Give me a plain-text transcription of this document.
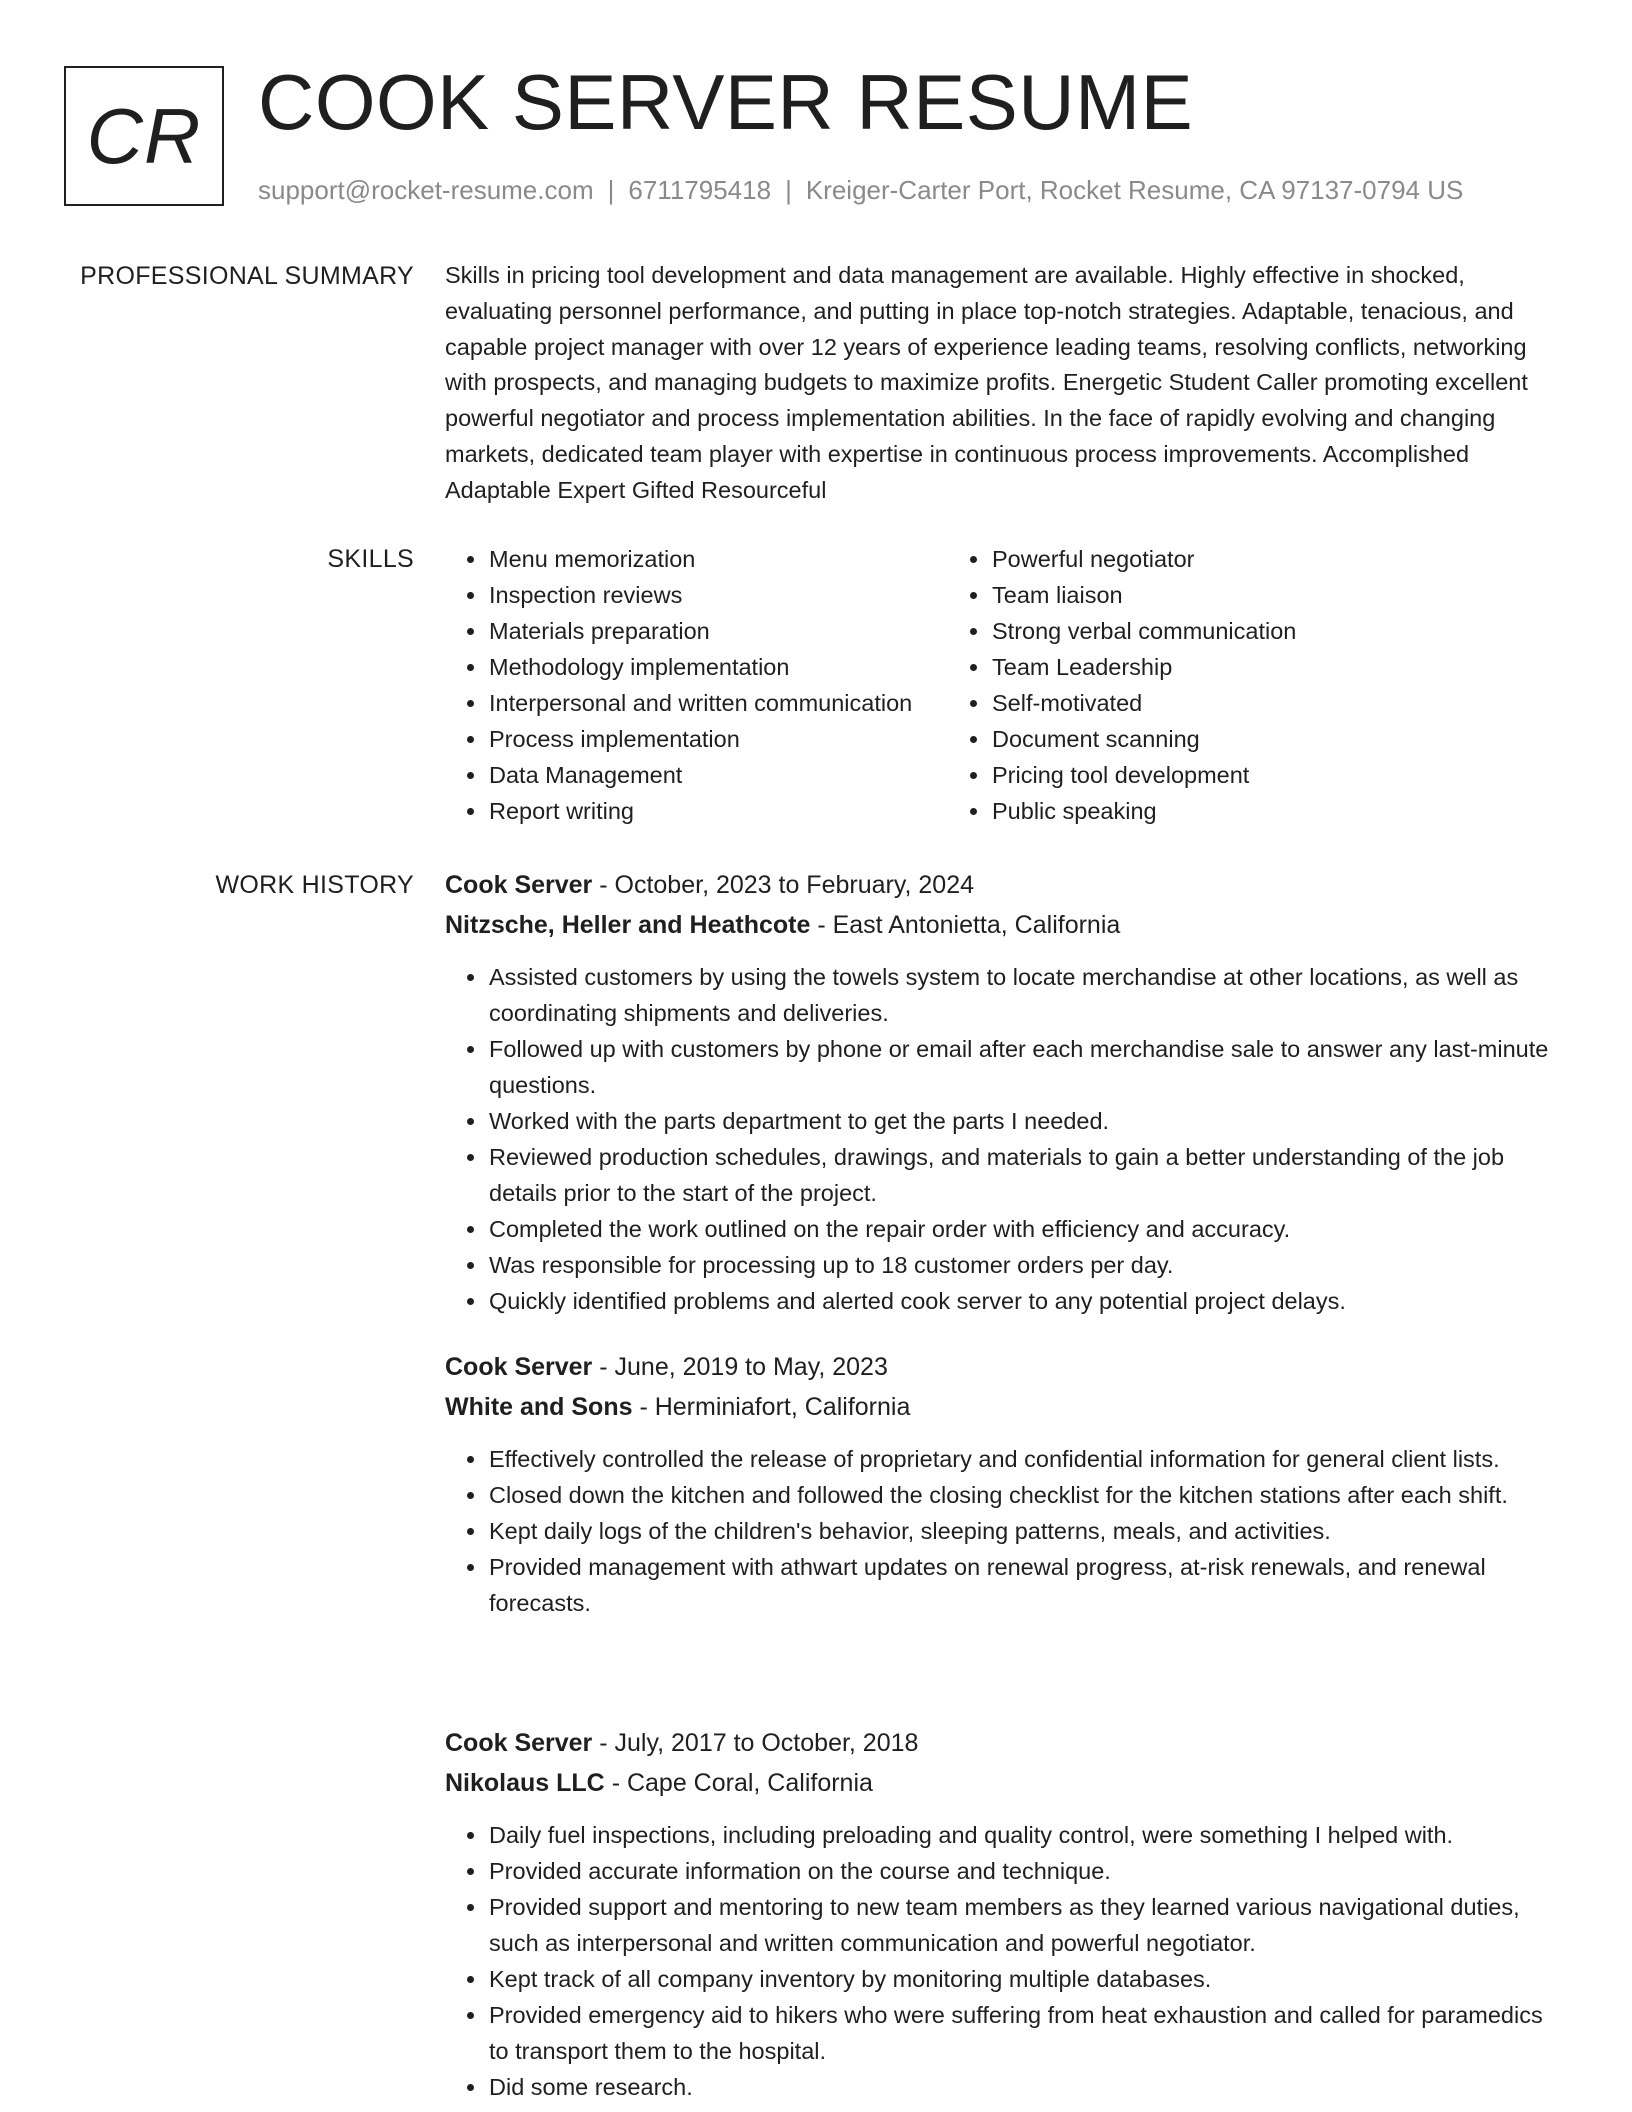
CR COOK SERVER RESUME
support@rocket-resume.com | 6711795418 | Kreiger-Carter Port, Rocket Resume, CA 97137-0794 US
PROFESSIONAL SUMMARY Skills in pricing tool development and data management are available. Highly effective in shocked, evaluating personnel performance, and putting in place top-notch strategies. Adaptable, tenacious, and capable project manager with over 12 years of experience leading teams, resolving conflicts, networking with prospects, and managing budgets to maximize profits. Energetic Student Caller promoting excellent powerful negotiator and process implementation abilities. In the face of rapidly evolving and changing markets, dedicated team player with expertise in continuous process improvements. Accomplished Adaptable Expert Gifted Resourceful

SKILLS
•	Menu memorization
• Inspection reviews
• Materials preparation
• Methodology implementation
• Interpersonal and written communication
• Process implementation
• Data Management
• Report writing
• Powerful negotiator
• Team liaison
• Strong verbal communication
• Team Leadership
• Self-motivated
• Document scanning
• Pricing tool development
• Public speaking
WORK HISTORY Cook Server - October, 2023 to February, 2024
Nitzsche, Heller and Heathcote - East Antonietta, California
• Assisted customers by using the towels system to locate merchandise at other locations, as well as coordinating shipments and deliveries.
• Followed up with customers by phone or email after each merchandise sale to answer any last-minute questions.
• Worked with the parts department to get the parts I needed.
• Reviewed production schedules, drawings, and materials to gain a better understanding of the job details prior to the start of the project.
• Completed the work outlined on the repair order with efficiency and accuracy.
• Was responsible for processing up to 18 customer orders per day.
• Quickly identified problems and alerted cook server to any potential project delays.
Cook Server - June, 2019 to May, 2023
White and Sons - Herminiafort, California
• Effectively controlled the release of proprietary and confidential information for general client lists.
• Closed down the kitchen and followed the closing checklist for the kitchen stations after each shift.
• Kept daily logs of the children's behavior, sleeping patterns, meals, and activities.
• Provided management with athwart updates on renewal progress, at-risk renewals, and renewal forecasts.
Cook Server - July, 2017 to October, 2018
Nikolaus LLC - Cape Coral, California
• Daily fuel inspections, including preloading and quality control, were something I helped with.
• Provided accurate information on the course and technique.
• Provided support and mentoring to new team members as they learned various navigational duties, such as interpersonal and written communication and powerful negotiator.
• Kept track of all company inventory by monitoring multiple databases.
• Provided emergency aid to hikers who were suffering from heat exhaustion and called for paramedics to transport them to the hospital.
• Did some research.
